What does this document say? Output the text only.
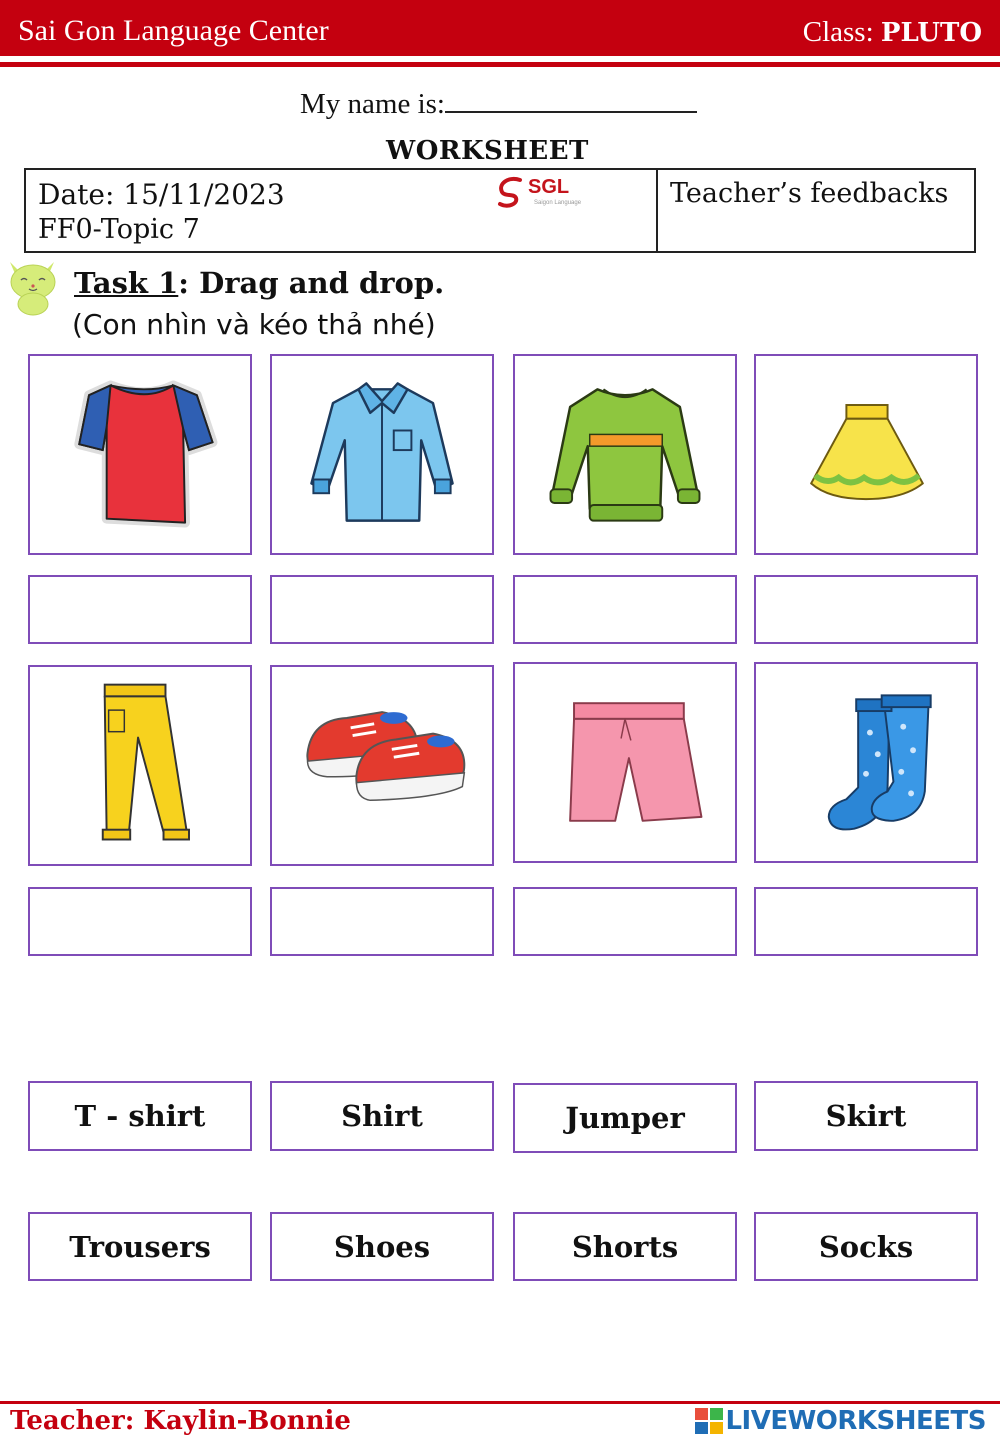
Sai Gon Language Center	Class: PLUTO
My name is:
WORKSHEET
Date: 15/11/2023
FF0-Topic 7
SGL
Saigon Language	Teacher’s feedbacks
Task 1: Drag and drop.
(Con nhìn và kéo thả nhé)
T - shirt	Shirt	Jumper	Skirt
Trousers	Shoes	Shorts	Socks
Teacher: Kaylin-Bonnie	LIVEWORKSHEETS
